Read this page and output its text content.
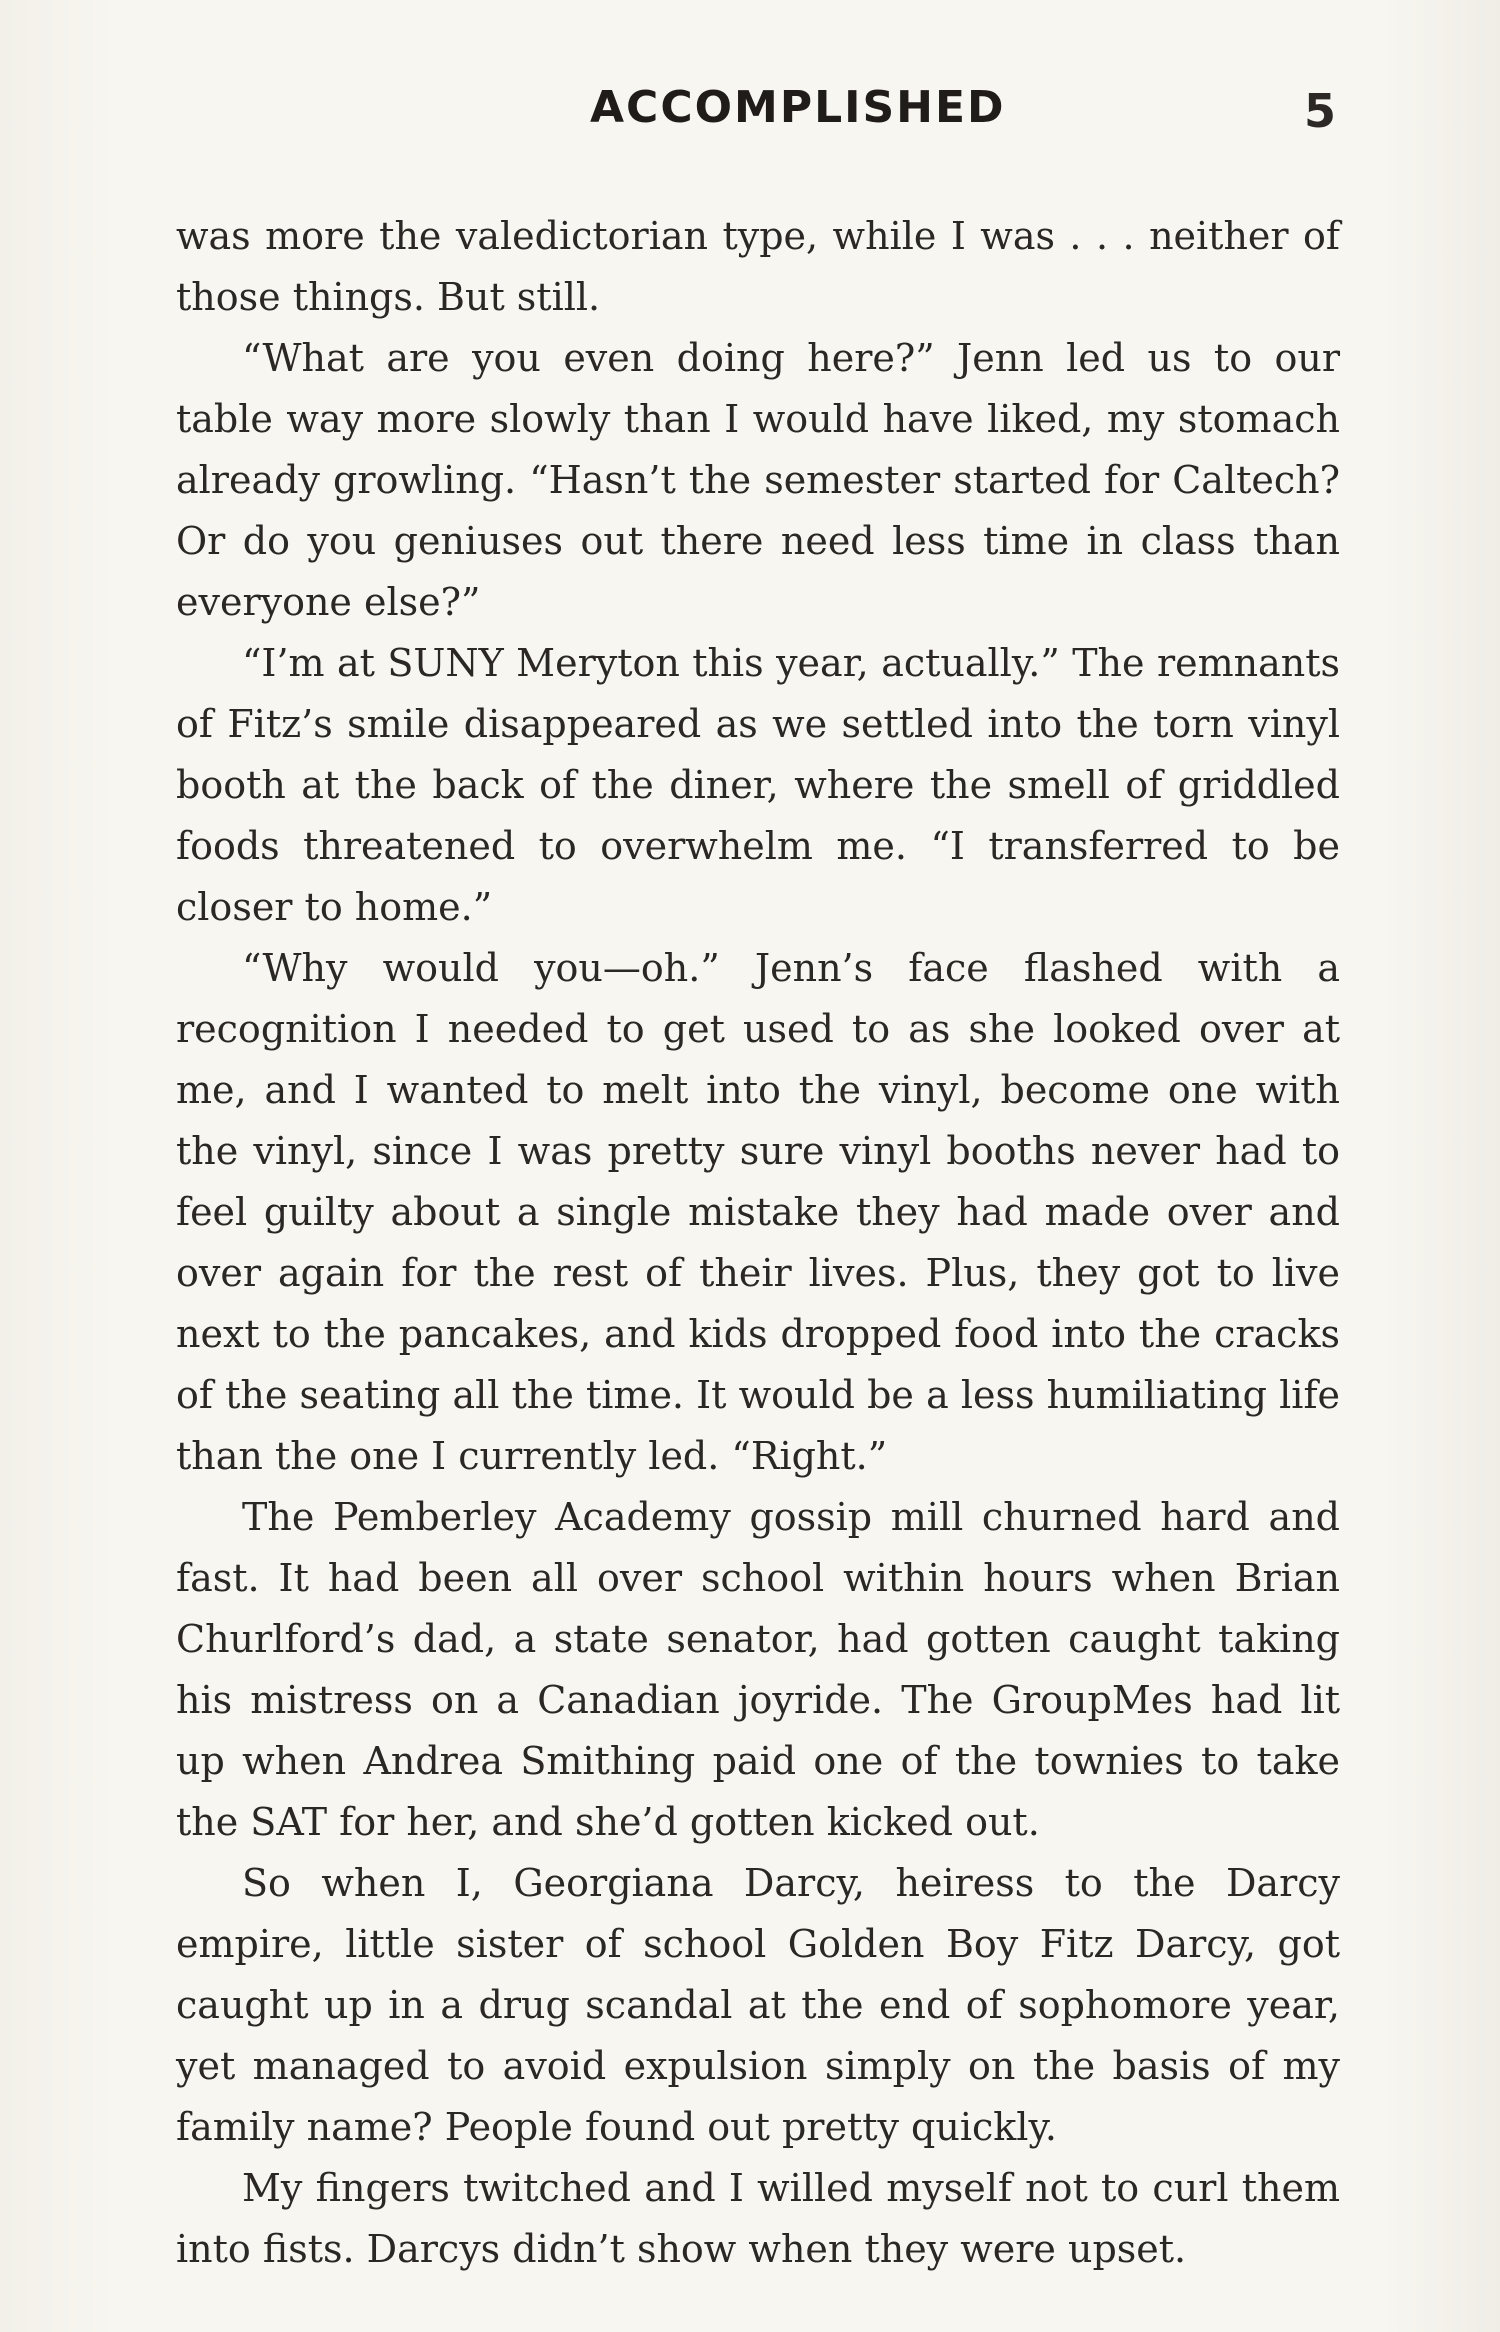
ACCOMPLISHED	5

was more the valedictorian type, while I was . . . neither of those things. But still.

“What are you even doing here?” Jenn led us to our table way more slowly than I would have liked, my stomach already growling. “Hasn’t the semester started for Caltech? Or do you geniuses out there need less time in class than everyone else?”

“I’m at SUNY Meryton this year, actually.” The remnants of Fitz’s smile disappeared as we settled into the torn vinyl booth at the back of the diner, where the smell of griddled foods threatened to overwhelm me. “I transferred to be closer to home.”

“Why would you—oh.” Jenn’s face flashed with a recognition I needed to get used to as she looked over at me, and I wanted to melt into the vinyl, become one with the vinyl, since I was pretty sure vinyl booths never had to feel guilty about a single mistake they had made over and over again for the rest of their lives. Plus, they got to live next to the pancakes, and kids dropped food into the cracks of the seating all the time. It would be a less humiliating life than the one I currently led. “Right.”

The Pemberley Academy gossip mill churned hard and fast. It had been all over school within hours when Brian Churlford’s dad, a state senator, had gotten caught taking his mistress on a Canadian joyride. The GroupMes had lit up when Andrea Smithing paid one of the townies to take the SAT for her, and she’d gotten kicked out.

So when I, Georgiana Darcy, heiress to the Darcy empire, little sister of school Golden Boy Fitz Darcy, got caught up in a drug scandal at the end of sophomore year, yet managed to avoid expulsion simply on the basis of my family name? People found out pretty quickly.

My fingers twitched and I willed myself not to curl them into fists. Darcys didn’t show when they were upset.
